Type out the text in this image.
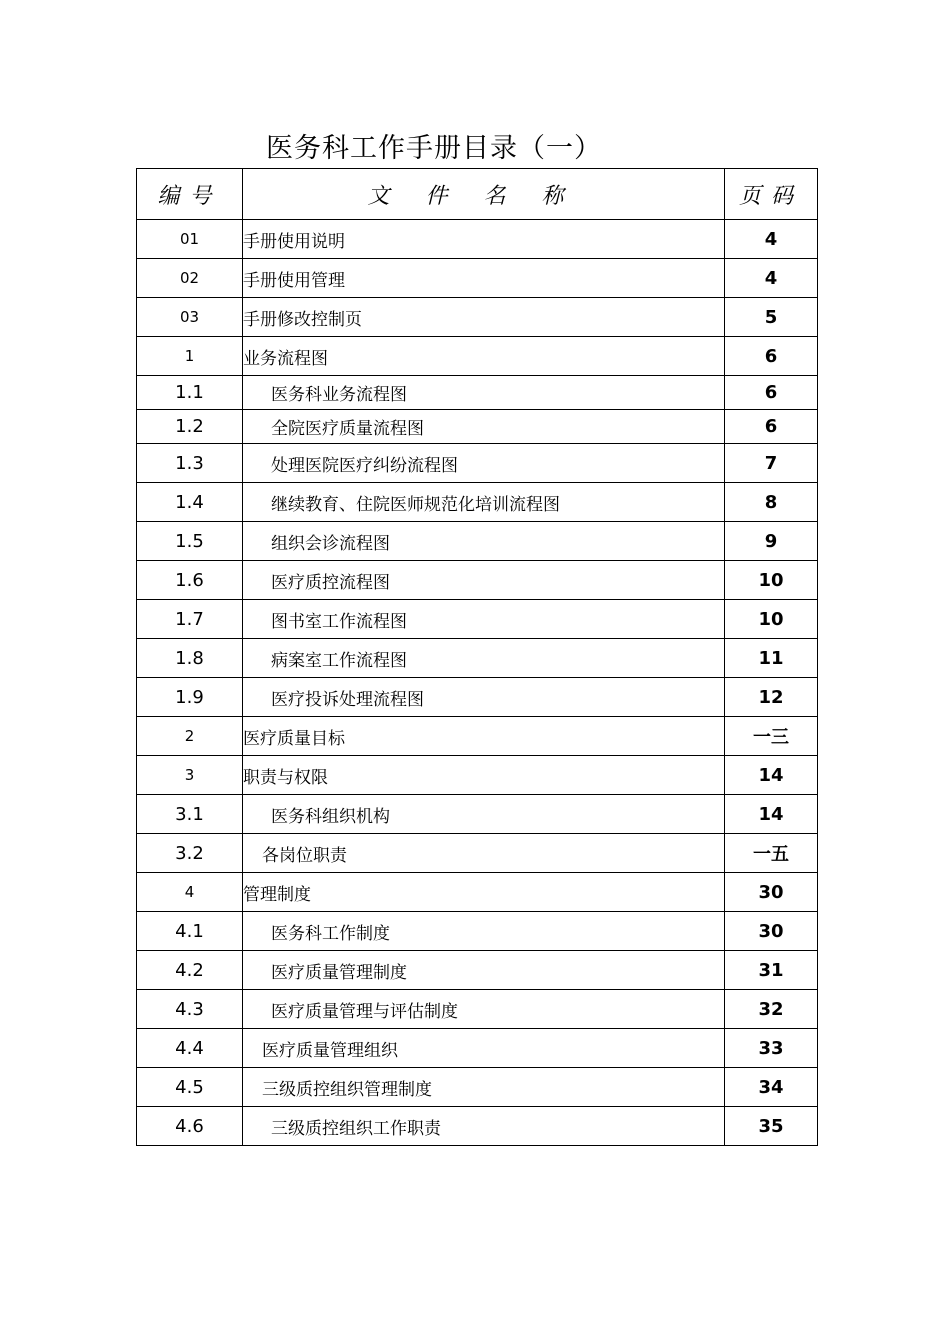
医务科工作手册目录（一）
编号	文件名称	页码
01	手册使用说明	4
02	手册使用管理	4
03	手册修改控制页	5
1	业务流程图	6
1.1	医务科业务流程图	6
1.2	全院医疗质量流程图	6
1.3	处理医院医疗纠纷流程图	7
1.4	继续教育、住院医师规范化培训流程图	8
1.5	组织会诊流程图	9
1.6	医疗质控流程图	10
1.7	图书室工作流程图	10
1.8	病案室工作流程图	11
1.9	医疗投诉处理流程图	12
2	医疗质量目标	一三
3	职责与权限	14
3.1	医务科组织机构	14
3.2	各岗位职责	一五
4	管理制度	30
4.1	医务科工作制度	30
4.2	医疗质量管理制度	31
4.3	医疗质量管理与评估制度	32
4.4	医疗质量管理组织	33
4.5	三级质控组织管理制度	34
4.6	三级质控组织工作职责	35
